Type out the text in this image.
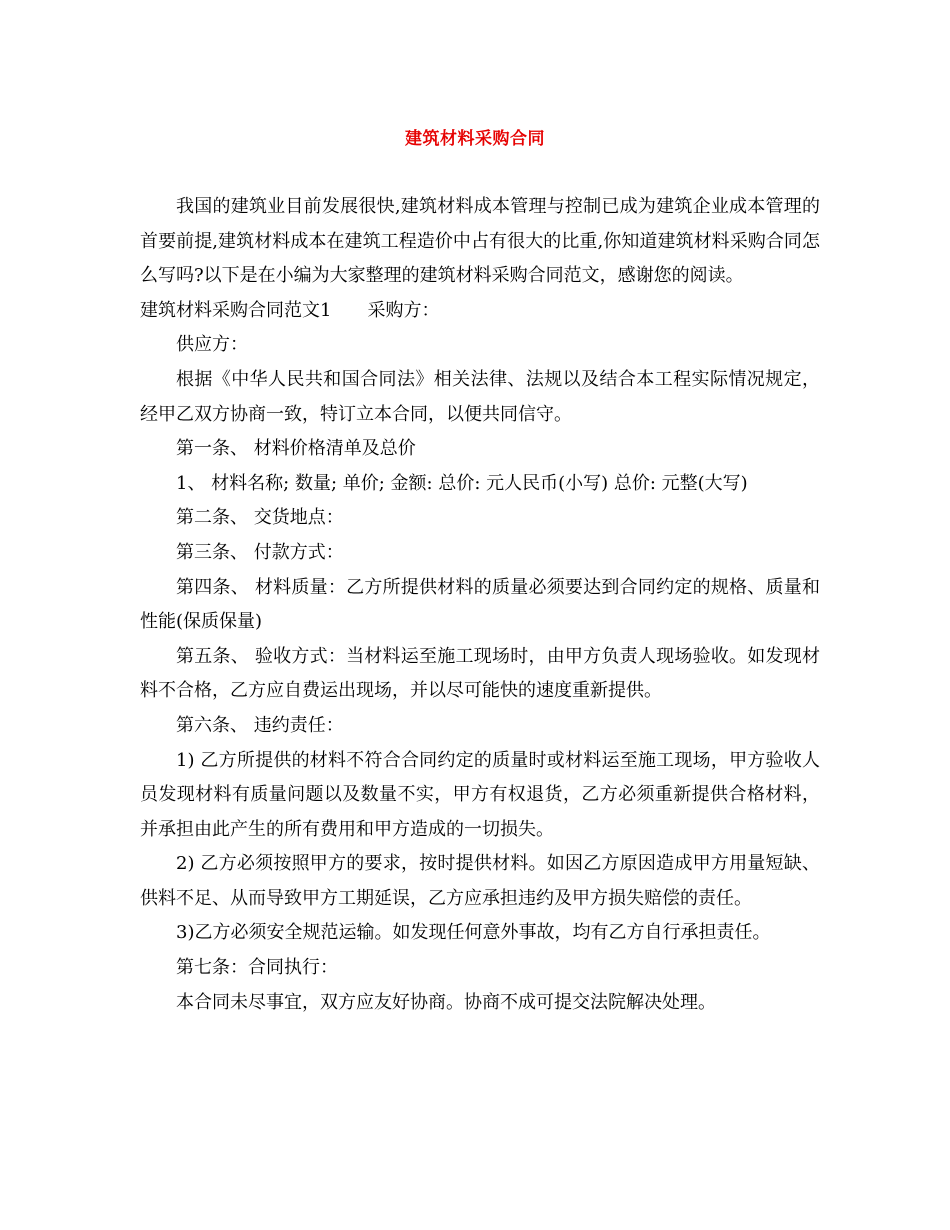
建筑材料采购合同

我国的建筑业目前发展很快,建筑材料成本管理与控制已成为建筑企业成本管理的首要前提,建筑材料成本在建筑工程造价中占有很大的比重,你知道建筑材料采购合同怎么写吗?以下是在小编为大家整理的建筑材料采购合同范文，感谢您的阅读。

建筑材料采购合同范文1 采购方：

供应方：

根据《中华人民共和国合同法》相关法律、法规以及结合本工程实际情况规定，经甲乙双方协商一致，特订立本合同，以便共同信守。

第一条、 材料价格清单及总价

1、 材料名称; 数量; 单价; 金额: 总价: 元人民币(小写) 总价: 元整(大写)

第二条、 交货地点：

第三条、 付款方式：

第四条、 材料质量：乙方所提供材料的质量必须要达到合同约定的规格、质量和性能(保质保量)

第五条、 验收方式：当材料运至施工现场时，由甲方负责人现场验收。如发现材料不合格，乙方应自费运出现场，并以尽可能快的速度重新提供。

第六条、 违约责任：

1) 乙方所提供的材料不符合合同约定的质量时或材料运至施工现场，甲方验收人员发现材料有质量问题以及数量不实，甲方有权退货，乙方必须重新提供合格材料，并承担由此产生的所有费用和甲方造成的一切损失。

2) 乙方必须按照甲方的要求，按时提供材料。如因乙方原因造成甲方用量短缺、供料不足、从而导致甲方工期延误，乙方应承担违约及甲方损失赔偿的责任。

3)乙方必须安全规范运输。如发现任何意外事故，均有乙方自行承担责任。

第七条：合同执行：

本合同未尽事宜，双方应友好协商。协商不成可提交法院解决处理。
